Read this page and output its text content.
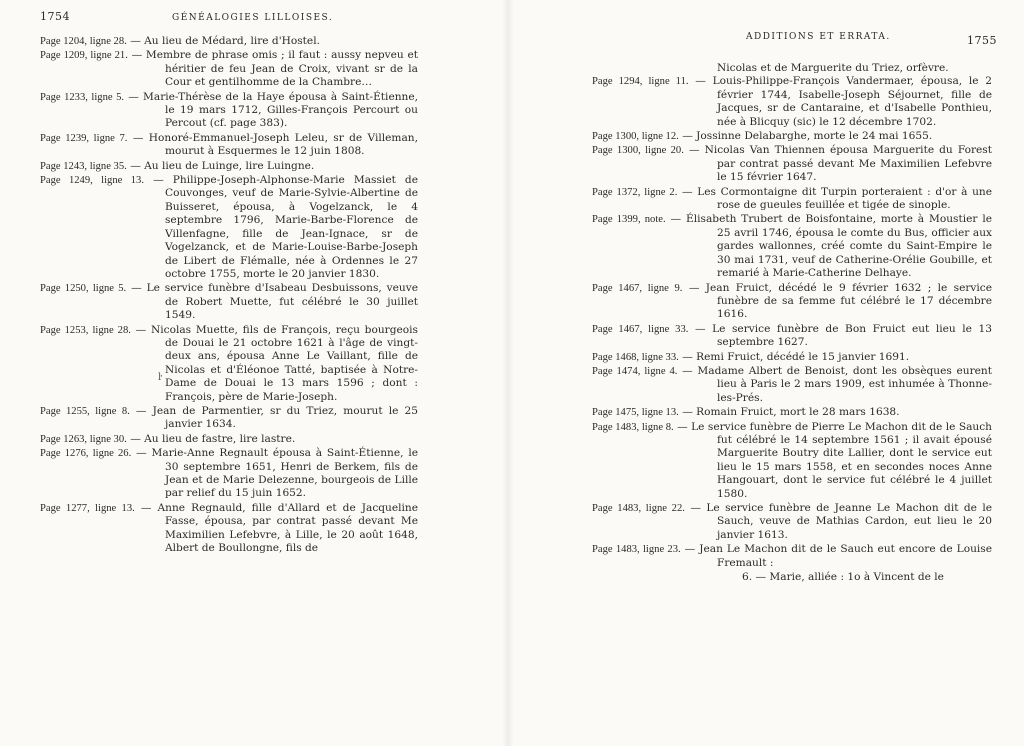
1754	GÉNÉALOGIES LILLOISES.

Page 1204, ligne 28. — Au lieu de Médard, lire d'Hostel.

Page 1209, ligne 21. — Membre de phrase omis ; il faut : aussy nepveu et héritier de feu Jean de Croix, vivant sr de la Cour et gentilhomme de la Chambre…

Page 1233, ligne 5. — Marie-Thérèse de la Haye épousa à Saint-Étienne, le 19 mars 1712, Gilles-François Percourt ou Percout (cf. page 383).

Page 1239, ligne 7. — Honoré-Emmanuel-Joseph Leleu, sr de Villeman, mourut à Esquermes le 12 juin 1808.

Page 1243, ligne 35. — Au lieu de Luinge, lire Luingne.

Page 1249, ligne 13. — Philippe-Joseph-Alphonse-Marie Massiet de Couvonges, veuf de Marie-Sylvie-Albertine de Buisseret, épousa, à Vogelzanck, le 4 septembre 1796, Marie-Barbe-Florence de Villenfagne, fille de Jean-Ignace, sr de Vogelzanck, et de Marie-Louise-Barbe-Joseph de Libert de Flémalle, née à Ordennes le 27 octobre 1755, morte le 20 janvier 1830.

Page 1250, ligne 5. — Le service funèbre d'Isabeau Desbuissons, veuve de Robert Muette, fut célébré le 30 juillet 1549.

Page 1253, ligne 28. — Nicolas Muette, fils de François, reçu bourgeois de Douai le 21 octobre 1621 à l'âge de vingt-deux ans, épousa Anne Le Vaillant, fille de Nicolas et d'Éléonoe Tatté, baptisée à Notre-Dame de Douai le 13 mars 1596 ; dont : François, père de Marie-Joseph.

Page 1255, ligne 8. — Jean de Parmentier, sr du Triez, mourut le 25 janvier 1634.

Page 1263, ligne 30. — Au lieu de fastre, lire lastre.

Page 1276, ligne 26. — Marie-Anne Regnault épousa à Saint-Étienne, le 30 septembre 1651, Henri de Berkem, fils de Jean et de Marie Delezenne, bourgeois de Lille par relief du 15 juin 1652.

Page 1277, ligne 13. — Anne Regnauld, fille d'Allard et de Jacqueline Fasse, épousa, par contrat passé devant Me Maximilien Lefebvre, à Lille, le 20 août 1648, Albert de Boullongne, fils de

ŀ
ADDITIONS ET ERRATA.	1755
Nicolas et de Marguerite du Triez, orfèvre.

Page 1294, ligne 11. — Louis-Philippe-François Vandermaer, épousa, le 2 février 1744, Isabelle-Joseph Séjournet, fille de Jacques, sr de Cantaraine, et d'Isabelle Ponthieu, née à Blicquy (sic) le 12 décembre 1702.

Page 1300, ligne 12. — Jossinne Delabarghe, morte le 24 mai 1655.

Page 1300, ligne 20. — Nicolas Van Thiennen épousa Marguerite du Forest par contrat passé devant Me Maximilien Lefebvre le 15 février 1647.

Page 1372, ligne 2. — Les Cormontaigne dit Turpin porteraient : d'or à une rose de gueules feuillée et tigée de sinople.

Page 1399, note. — Élisabeth Trubert de Boisfontaine, morte à Moustier le 25 avril 1746, épousa le comte du Bus, officier aux gardes wallonnes, créé comte du Saint-Empire le 30 mai 1731, veuf de Catherine-Orélie Goubille, et remarié à Marie-Catherine Delhaye.

Page 1467, ligne 9. — Jean Fruict, décédé le 9 février 1632 ; le service funèbre de sa femme fut célébré le 17 décembre 1616.

Page 1467, ligne 33. — Le service funèbre de Bon Fruict eut lieu le 13 septembre 1627.

Page 1468, ligne 33. — Remi Fruict, décédé le 15 janvier 1691.

Page 1474, ligne 4. — Madame Albert de Benoist, dont les obsèques eurent lieu à Paris le 2 mars 1909, est inhumée à Thonne-les-Prés.

Page 1475, ligne 13. — Romain Fruict, mort le 28 mars 1638.

Page 1483, ligne 8. — Le service funèbre de Pierre Le Machon dit de le Sauch fut célébré le 14 septembre 1561 ; il avait épousé Marguerite Boutry dite Lallier, dont le service eut lieu le 15 mars 1558, et en secondes noces Anne Hangouart, dont le service fut célébré le 4 juillet 1580.

Page 1483, ligne 22. — Le service funèbre de Jeanne Le Machon dit de le Sauch, veuve de Mathias Cardon, eut lieu le 20 janvier 1613.

Page 1483, ligne 23. — Jean Le Machon dit de le Sauch eut encore de Louise Fremault :

6. — Marie, alliée : 1o à Vincent de le
